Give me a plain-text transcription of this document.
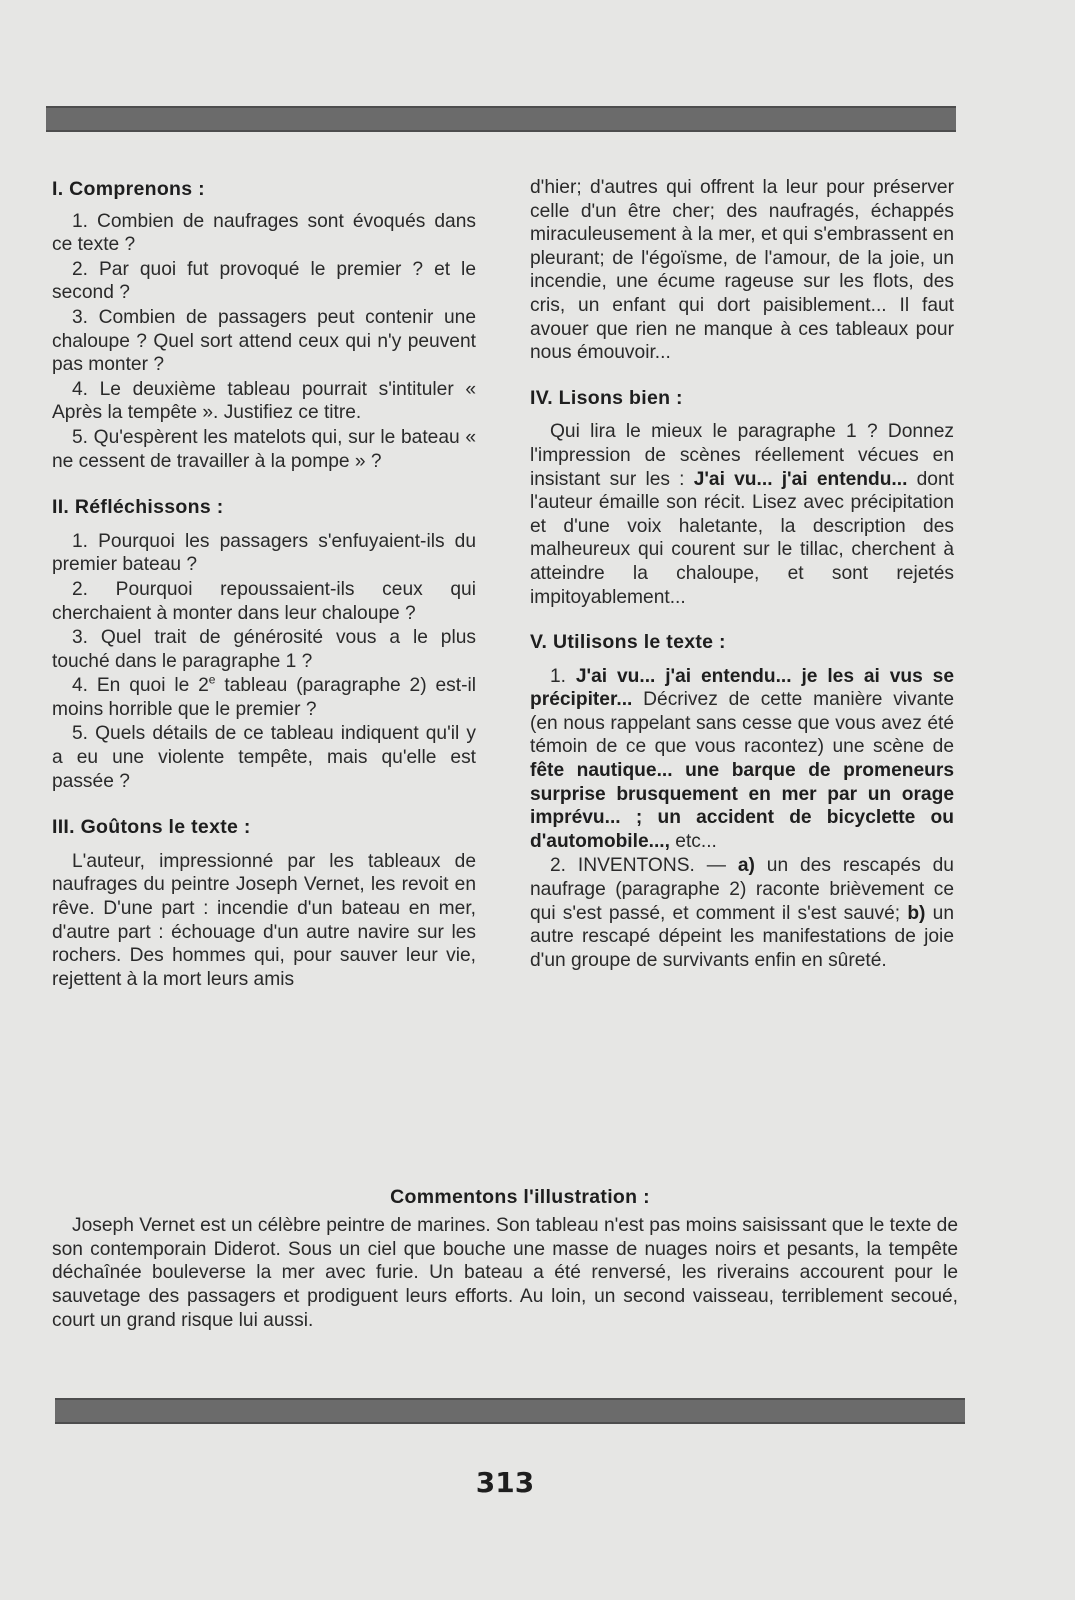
I. Comprenons :

1. Combien de naufrages sont évoqués dans ce texte ?

2. Par quoi fut provoqué le premier ? et le second ?

3. Combien de passagers peut contenir une chaloupe ? Quel sort attend ceux qui n'y peuvent pas monter ?

4. Le deuxième tableau pourrait s'intituler « Après la tempête ». Justifiez ce titre.

5. Qu'espèrent les matelots qui, sur le bateau « ne cessent de travailler à la pompe » ?

II. Réfléchissons :

1. Pourquoi les passagers s'enfuyaient-ils du premier bateau ?

2. Pourquoi repoussaient-ils ceux qui cherchaient à monter dans leur chaloupe ?

3. Quel trait de générosité vous a le plus touché dans le paragraphe 1 ?

4. En quoi le 2e tableau (paragraphe 2) est-il moins horrible que le premier ?

5. Quels détails de ce tableau indiquent qu'il y a eu une violente tempête, mais qu'elle est passée ?

III. Goûtons le texte :

L'auteur, impressionné par les tableaux de naufrages du peintre Joseph Vernet, les revoit en rêve. D'une part : incendie d'un bateau en mer, d'autre part : échouage d'un autre navire sur les rochers. Des hommes qui, pour sauver leur vie, rejettent à la mort leurs amis

d'hier; d'autres qui offrent la leur pour préserver celle d'un être cher; des naufragés, échappés miraculeusement à la mer, et qui s'embrassent en pleurant; de l'égoïsme, de l'amour, de la joie, un incendie, une écume rageuse sur les flots, des cris, un enfant qui dort paisiblement... Il faut avouer que rien ne manque à ces tableaux pour nous émouvoir...

IV. Lisons bien :

Qui lira le mieux le paragraphe 1 ? Donnez l'impression de scènes réellement vécues en insistant sur les : J'ai vu... j'ai entendu... dont l'auteur émaille son récit. Lisez avec précipitation et d'une voix haletante, la description des malheureux qui courent sur le tillac, cherchent à atteindre la chaloupe, et sont rejetés impitoyablement...

V. Utilisons le texte :

1. J'ai vu... j'ai entendu... je les ai vus se précipiter... Décrivez de cette manière vivante (en nous rappelant sans cesse que vous avez été témoin de ce que vous racontez) une scène de fête nautique... une barque de promeneurs surprise brusquement en mer par un orage imprévu... ; un accident de bicyclette ou d'automobile..., etc...

2. INVENTONS. — a) un des rescapés du naufrage (paragraphe 2) raconte brièvement ce qui s'est passé, et comment il s'est sauvé; b) un autre rescapé dépeint les manifestations de joie d'un groupe de survivants enfin en sûreté.

Commentons l'illustration :

Joseph Vernet est un célèbre peintre de marines. Son tableau n'est pas moins saisissant que le texte de son contemporain Diderot. Sous un ciel que bouche une masse de nuages noirs et pesants, la tempête déchaînée bouleverse la mer avec furie. Un bateau a été renversé, les riverains accourent pour le sauvetage des passagers et prodiguent leurs efforts. Au loin, un second vaisseau, terriblement secoué, court un grand risque lui aussi.

313
